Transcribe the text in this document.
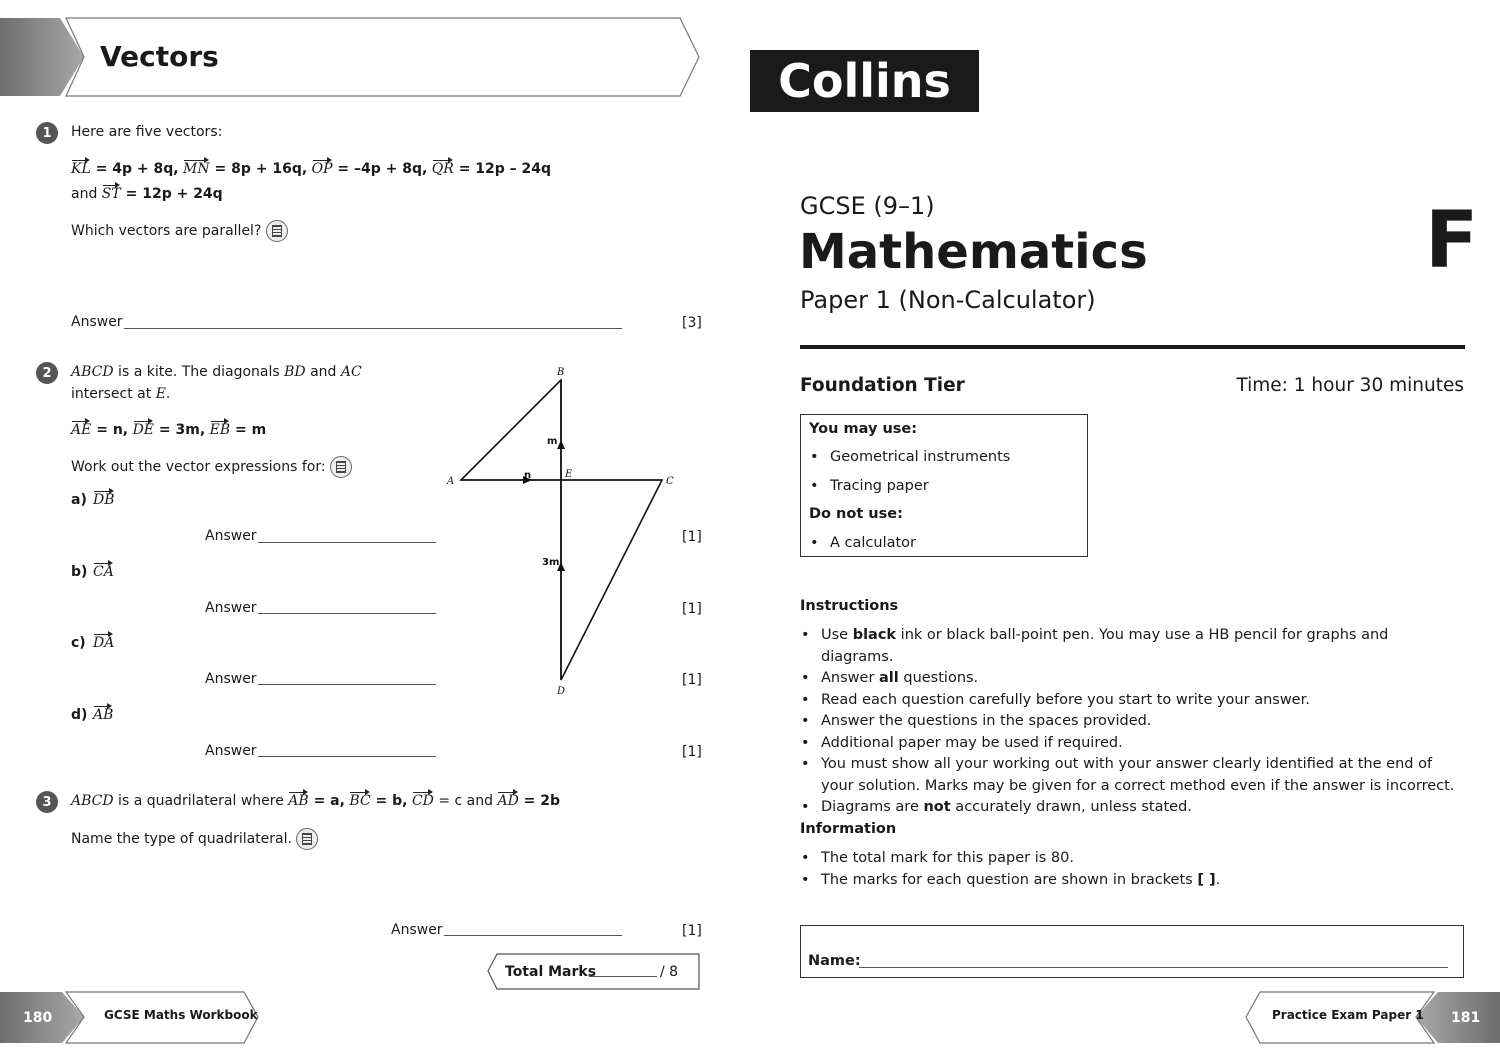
Vectors
1	Here are five vectors:
KL = 4p + 8q, MN = 8p + 16q, OP = –4p + 8q, QR = 12p – 24q
and ST = 12p + 24q
Which vectors are parallel?
Answer	[3]
2	ABCD is a kite. The diagonals BD and AC
intersect at E.
AE = n, DE = 3m, EB = m
Work out the vector expressions for:
a) DB
Answer	[1]
b) CA
Answer	[1]
c) DA
Answer	[1]
d) AB
Answer	[1]
B
A	C
D
E
n
m
3m
3	ABCD is a quadrilateral where AB = a, BC = b, CD = c and AD = 2b
Name the type of quadrilateral.
Answer	[1]
Total Marks	/ 8
180	GCSE Maths Workbook
Collins
GCSE (9–1)
Mathematics	F
Paper 1 (Non-Calculator)
Foundation Tier	Time: 1 hour 30 minutes
You may use:
• Geometrical instruments
• Tracing paper
Do not use:
• A calculator
Instructions
• Use black ink or black ball-point pen. You may use a HB pencil for graphs and diagrams.
• Answer all questions.
• Read each question carefully before you start to write your answer.
• Answer the questions in the spaces provided.
• Additional paper may be used if required.
• You must show all your working out with your answer clearly identified at the end of your solution. Marks may be given for a correct method even if the answer is incorrect.
• Diagrams are not accurately drawn, unless stated.
Information
• The total mark for this paper is 80.
• The marks for each question are shown in brackets [ ].
Name:
Practice Exam Paper 1 181
